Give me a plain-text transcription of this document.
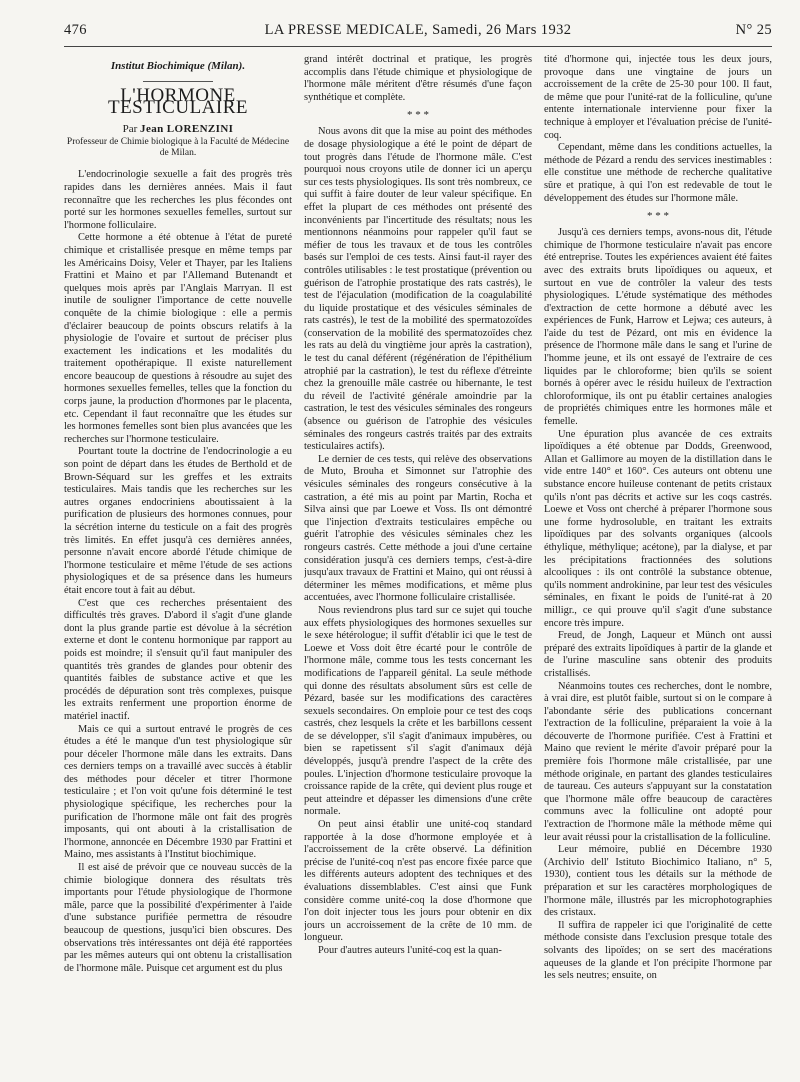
476	LA PRESSE MEDICALE, Samedi, 26 Mars 1932	N° 25
Institut Biochimique (Milan).
L'HORMONE TESTICULAIRE
Par Jean LORENZINI
Professeur de Chimie biologique à la Faculté de Médecine de Milan.

L'endocrinologie sexuelle a fait des progrès très rapides dans les dernières années. Mais il faut reconnaître que les recherches les plus fécondes ont porté sur les hormones sexuelles femelles, surtout sur l'hormone folliculaire.

Cette hormone a été obtenue à l'état de pureté chimique et cristallisée presque en même temps par les Américains Doisy, Veler et Thayer, par les Italiens Frattini et Maino et par l'Allemand Butenandt et quelques mois après par l'Anglais Marryan. Il est inutile de souligner l'importance de cette nouvelle conquête de la chimie biologique : elle a permis d'éclairer beaucoup de points obscurs relatifs à la physiologie de l'ovaire et surtout de préciser plus exactement les indications et les modalités du traitement opothérapique. Il existe naturellement encore beaucoup de questions à résoudre au sujet des hormones sexuelles femelles, telles que la fonction du corps jaune, la production d'hormones par le placenta, etc. Cependant il faut reconnaître que les études sur les hormones femelles sont bien plus avancées que les recherches sur l'hormone testiculaire.

Pourtant toute la doctrine de l'endocrinologie a eu son point de départ dans les études de Berthold et de Brown-Séquard sur les greffes et les extraits testiculaires. Mais tandis que les recherches sur les autres organes endocriniens aboutissaient à la purification de plusieurs des hormones connues, pour la sécrétion interne du testicule on a fait des progrès très limités. En effet jusqu'à ces dernières années, personne n'avait encore abordé l'étude chimique de l'hormone testiculaire et même l'étude de ses actions physiologiques et de sa présence dans les humeurs était encore tout à fait au début.

C'est que ces recherches présentaient des difficultés très graves. D'abord il s'agit d'une glande dont la plus grande partie est dévolue à la sécrétion externe et dont le contenu hormonique par rapport au poids est moindre; il s'ensuit qu'il faut manipuler des quantités très grandes de glandes pour obtenir des quantités faibles de substance active et que les procédés de dépuration sont très complexes, puisque les extraits renferment une proportion énorme de matériel inactif.

Mais ce qui a surtout entravé le progrès de ces études a été le manque d'un test physiologique sûr pour déceler l'hormone mâle dans les extraits. Dans ces derniers temps on a travaillé avec succès à établir des méthodes pour déceler et titrer l'hormone testiculaire ; et l'on voit qu'une fois déterminé le test physiologique spécifique, les recherches pour la purification de l'hormone mâle ont fait des progrès imposants, qui ont abouti à la cristallisation de l'hormone, annoncée en Décembre 1930 par Frattini et Maino, mes assistants à l'Institut biochimique.

Il est aisé de prévoir que ce nouveau succès de la chimie biologique donnera des résultats très importants pour l'étude physiologique de l'hormone mâle, parce que la possibilité d'expérimenter à l'aide d'une substance purifiée permettra de résoudre beaucoup de questions, jusqu'ici bien obscures. Des observations très intéressantes ont déjà été rapportées par les mêmes auteurs qui ont obtenu la cristallisation de l'hormone mâle. Puisque cet argument est du plus

grand intérêt doctrinal et pratique, les progrès accomplis dans l'étude chimique et physiologique de l'hormone mâle méritent d'être résumés d'une façon synthétique et complète.

* * *

Nous avons dit que la mise au point des méthodes de dosage physiologique a été le point de départ de tout progrès dans l'étude de l'hormone mâle. C'est pourquoi nous croyons utile de donner ici un aperçu sur ces tests physiologiques. Ils sont très nombreux, ce qui suffit à faire douter de leur valeur spécifique. En effet la plupart de ces méthodes ont présenté des inconvénients par l'incertitude des résultats; nous les mentionnons néanmoins pour rappeler qu'il faut se méfier de tous les travaux et de tous les contrôles basés sur l'emploi de ces tests. Ainsi faut-il rayer des contrôles utilisables : le test prostatique (prévention ou guérison de l'atrophie prostatique des rats castrés), le test de l'éjaculation (modification de la coagulabilité du liquide prostatique et des vésicules séminales de rats castrés), le test de la mobilité des spermatozoïdes (conservation de la mobilité des spermatozoïdes chez les rats au delà du vingtième jour après la castration), le test du canal déférent (régénération de l'épithélium atrophié par la castration), le test du réflexe d'étreinte chez la grenouille mâle castrée ou hibernante, le test du réveil de l'activité générale amoindrie par la castration, le test des vésicules séminales des rongeurs (absence ou guérison de l'atrophie des vésicules séminales des rongeurs castrés traités par des extraits testiculaires actifs).

Le dernier de ces tests, qui relève des observations de Muto, Brouha et Simonnet sur l'atrophie des vésicules séminales des rongeurs consécutive à la castration, a été mis au point par Martin, Rocha et Silva ainsi que par Loewe et Voss. Ils ont démontré que l'injection d'extraits testiculaires empêche ou guérit l'atrophie des vésicules séminales chez les rongeurs castrés. Cette méthode a joui d'une certaine considération jusqu'à ces derniers temps, c'est-à-dire jusqu'aux travaux de Frattini et Maino, qui ont réussi à déterminer les mêmes modifications, et même plus accentuées, avec l'hormone folliculaire cristallisée.

Nous reviendrons plus tard sur ce sujet qui touche aux effets physiologiques des hormones sexuelles sur le sexe hétérologue; il suffit d'établir ici que le test de Loewe et Voss doit être écarté pour le contrôle de l'hormone mâle, comme tous les tests concernant les modifications de l'appareil génital. La seule méthode qui donne des résultats absolument sûrs est celle de Pézard, basée sur les modifications des caractères sexuels secondaires. On emploie pour ce test des coqs castrés, chez lesquels la crête et les barbillons cessent de se développer, s'il s'agit d'animaux impubères, ou bien se rapetissent s'il s'agit d'animaux déjà développés, jusqu'à prendre l'aspect de la crête des poules. L'injection d'hormone testiculaire provoque la croissance rapide de la crête, qui devient plus rouge et peut atteindre et dépasser les dimensions d'une crête normale.

On peut ainsi établir une unité-coq standard rapportée à la dose d'hormone employée et à l'accroissement de la crête observé. La définition précise de l'unité-coq n'est pas encore fixée parce que les différents auteurs adoptent des techniques et des évaluations dissemblables. C'est ainsi que Funk considère comme unité-coq la dose d'hormone que l'on doit injecter tous les jours pour obtenir en dix jours un accroissement de la crête de 10 mm. de longueur.

Pour d'autres auteurs l'unité-coq est la quan-

tité d'hormone qui, injectée tous les deux jours, provoque dans une vingtaine de jours un accroissement de la crête de 25-30 pour 100. Il faut, de même que pour l'unité-rat de la folliculine, qu'une entente internationale intervienne pour fixer la technique à employer et l'évaluation précise de l'unité-coq.

Cependant, même dans les conditions actuelles, la méthode de Pézard a rendu des services inestimables : elle constitue une méthode de recherche qualitative sûre et pratique, à qui l'on est redevable de tout le développement des études sur l'hormone mâle.

* * *

Jusqu'à ces derniers temps, avons-nous dit, l'étude chimique de l'hormone testiculaire n'avait pas encore été entreprise. Toutes les expériences avaient été faites avec des extraits bruts lipoïdiques ou aqueux, et surtout en vue de contrôler la valeur des tests physiologiques. L'étude systématique des méthodes d'extraction de cette hormone a débuté avec les expériences de Funk, Harrow et Lejwa; ces auteurs, à l'aide du test de Pézard, ont mis en évidence la présence de l'hormone mâle dans le sang et l'urine de l'homme jeune, et ils ont essayé de l'extraire de ces liquides par le chloroforme; bien qu'ils se soient bornés à opérer avec le résidu huileux de l'extraction chloroformique, ils ont pu établir certaines analogies de propriétés chimiques entre les hormones mâle et femelle.

Une épuration plus avancée de ces extraits lipoïdiques a été obtenue par Dodds, Greenwood, Allan et Gallimore au moyen de la distillation dans le vide entre 140° et 160°. Ces auteurs ont obtenu une substance encore huileuse contenant de petits cristaux qu'ils n'ont pas décrits et active sur les coqs castrés. Loewe et Voss ont cherché à préparer l'hormone sous une forme hydrosoluble, en traitant les extraits lipoïdiques par des solvants organiques (alcools éthylique, méthylique; acétone), par la dialyse, et par les précipitations fractionnées des solutions alcooliques : ils ont contrôlé la substance obtenue, qu'ils nomment androkinine, par leur test des vésicules séminales, en fixant le poids de l'unité-rat à 20 milligr., ce qui prouve qu'il s'agit d'une substance encore très impure.

Freud, de Jongh, Laqueur et Münch ont aussi préparé des extraits lipoïdiques à partir de la glande et de l'urine masculine sans obtenir des produits cristallisés.

Néanmoins toutes ces recherches, dont le nombre, à vrai dire, est plutôt faible, surtout si on le compare à l'abondante série des publications concernant l'extraction de la folliculine, préparaient la voie à la découverte de l'hormone purifiée. C'est à Frattini et Maino que revient le mérite d'avoir préparé pour la première fois l'hormone mâle cristallisée, par une méthode originale, en partant des glandes testiculaires de taureau. Ces auteurs s'appuyant sur la constatation que l'hormone mâle offre beaucoup de caractères communs avec la folliculine ont adopté pour l'extraction de l'hormone mâle la méthode même qui leur avait réussi pour la cristallisation de la folliculine.

Leur mémoire, publié en Décembre 1930 (Archivio dell' Istituto Biochimico Italiano, n° 5, 1930), contient tous les détails sur la méthode de préparation et sur les caractères morphologiques de l'hormone mâle, illustrés par les microphotographies des cristaux.

Il suffira de rappeler ici que l'originalité de cette méthode consiste dans l'exclusion presque totale des solvants des lipoïdes; on se sert des macérations aqueuses de la glande et l'on précipite l'hormone par les sels neutres; ensuite, on
